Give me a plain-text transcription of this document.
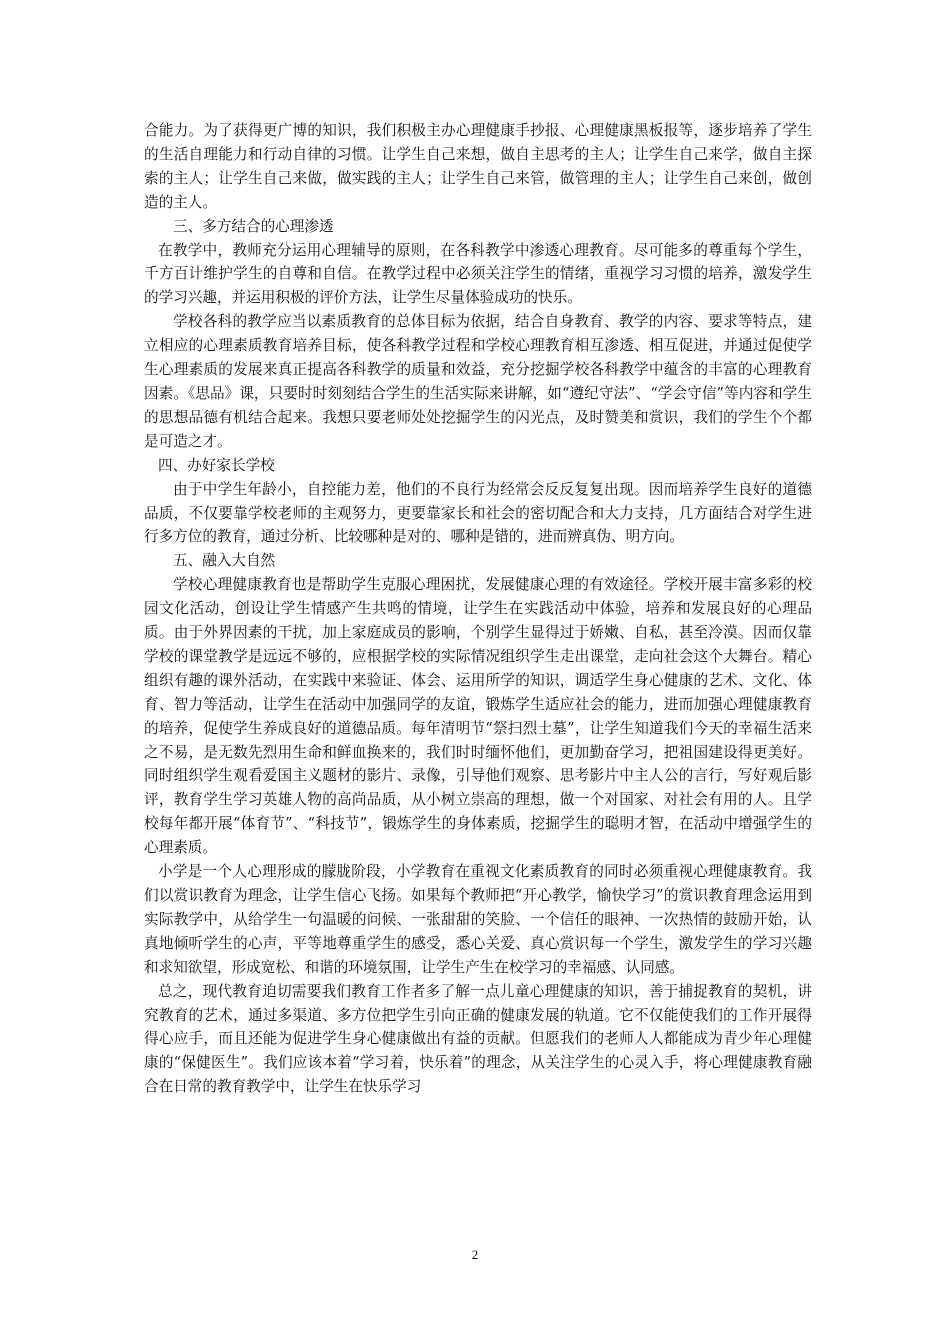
合能力。为了获得更广博的知识，我们积极主办心理健康手抄报、心理健康黑板报等，逐步培养了学生的生活自理能力和行动自律的习惯。让学生自己来想，做自主思考的主人；让学生自己来学，做自主探索的主人；让学生自己来做，做实践的主人；让学生自己来管，做管理的主人；让学生自己来创，做创造的主人。

三、多方结合的心理渗透

在教学中，教师充分运用心理辅导的原则，在各科教学中渗透心理教育。尽可能多的尊重每个学生，千方百计维护学生的自尊和自信。在教学过程中必须关注学生的情绪，重视学习习惯的培养，激发学生的学习兴趣，并运用积极的评价方法，让学生尽量体验成功的快乐。

学校各科的教学应当以素质教育的总体目标为依据，结合自身教育、教学的内容、要求等特点，建立相应的心理素质教育培养目标，使各科教学过程和学校心理教育相互渗透、相互促进，并通过促使学生心理素质的发展来真正提高各科教学的质量和效益，充分挖掘学校各科教学中蕴含的丰富的心理教育因素。《思品》课，只要时时刻刻结合学生的生活实际来讲解，如“遵纪守法”、“学会守信”等内容和学生的思想品德有机结合起来。我想只要老师处处挖掘学生的闪光点，及时赞美和赏识，我们的学生个个都是可造之才。

四、办好家长学校

由于中学生年龄小，自控能力差，他们的不良行为经常会反反复复出现。因而培养学生良好的道德品质，不仅要靠学校老师的主观努力，更要靠家长和社会的密切配合和大力支持，几方面结合对学生进行多方位的教育，通过分析、比较哪种是对的、哪种是错的，进而辨真伪、明方向。

五、融入大自然

学校心理健康教育也是帮助学生克服心理困扰，发展健康心理的有效途径。学校开展丰富多彩的校园文化活动，创设让学生情感产生共鸣的情境，让学生在实践活动中体验，培养和发展良好的心理品质。由于外界因素的干扰，加上家庭成员的影响，个别学生显得过于娇嫩、自私，甚至冷漠。因而仅靠学校的课堂教学是远远不够的，应根据学校的实际情况组织学生走出课堂，走向社会这个大舞台。精心组织有趣的课外活动，在实践中来验证、体会、运用所学的知识，调适学生身心健康的艺术、文化、体育、智力等活动，让学生在活动中加强同学的友谊，锻炼学生适应社会的能力，进而加强心理健康教育的培养，促使学生养成良好的道德品质。每年清明节“祭扫烈士墓”，让学生知道我们今天的幸福生活来之不易，是无数先烈用生命和鲜血换来的，我们时时缅怀他们，更加勤奋学习，把祖国建设得更美好。同时组织学生观看爱国主义题材的影片、录像，引导他们观察、思考影片中主人公的言行，写好观后影评，教育学生学习英雄人物的高尚品质，从小树立崇高的理想，做一个对国家、对社会有用的人。且学校每年都开展“体育节”、“科技节”，锻炼学生的身体素质，挖掘学生的聪明才智，在活动中增强学生的心理素质。

小学是一个人心理形成的朦胧阶段，小学教育在重视文化素质教育的同时必须重视心理健康教育。我们以赏识教育为理念，让学生信心飞扬。如果每个教师把“开心教学，愉快学习”的赏识教育理念运用到实际教学中，从给学生一句温暖的问候、一张甜甜的笑脸、一个信任的眼神、一次热情的鼓励开始，认真地倾听学生的心声，平等地尊重学生的感受，悉心关爱、真心赏识每一个学生，激发学生的学习兴趣和求知欲望，形成宽松、和谐的环境氛围，让学生产生在校学习的幸福感、认同感。

总之，现代教育迫切需要我们教育工作者多了解一点儿童心理健康的知识，善于捕捉教育的契机，讲究教育的艺术，通过多渠道、多方位把学生引向正确的健康发展的轨道。它不仅能使我们的工作开展得得心应手，而且还能为促进学生身心健康做出有益的贡献。但愿我们的老师人人都能成为青少年心理健康的“保健医生”。我们应该本着“学习着，快乐着”的理念，从关注学生的心灵入手，将心理健康教育融合在日常的教育教学中，让学生在快乐学习

2
